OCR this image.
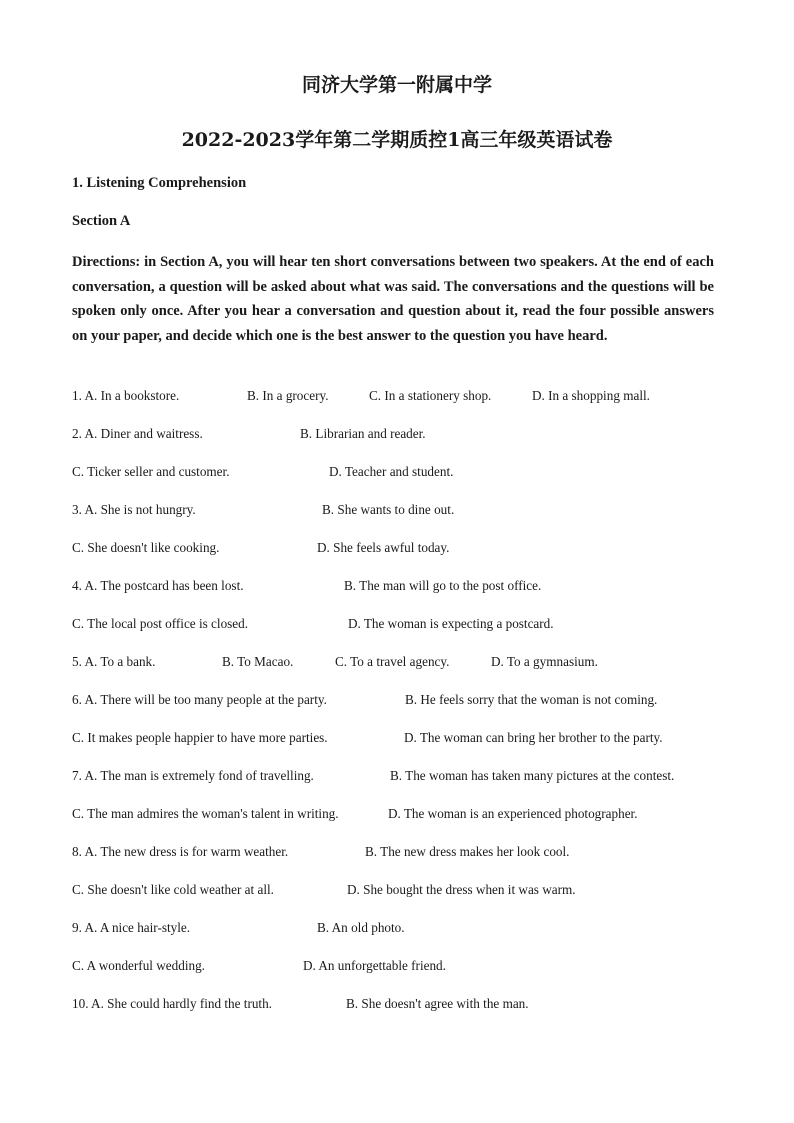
同济大学第一附属中学
2022-2023学年第二学期质控1高三年级英语试卷
1. Listening Comprehension
Section A
Directions: in Section A, you will hear ten short conversations between two speakers. At the end of each conversation, a question will be asked about what was said. The conversations and the questions will be spoken only once. After you hear a conversation and question about it, read the four possible answers on your paper, and decide which one is the best answer to the question you have heard.
1. A. In a bookstore.	B. In a grocery.	C. In a stationery shop.	D. In a shopping mall.
2. A. Diner and waitress.	B. Librarian and reader.
C. Ticker seller and customer.	D. Teacher and student.
3. A. She is not hungry.	B. She wants to dine out.
C. She doesn't like cooking.	D. She feels awful today.
4. A. The postcard has been lost.	B. The man will go to the post office.
C. The local post office is closed.	D. The woman is expecting a postcard.
5. A. To a bank.	B. To Macao.	C. To a travel agency.	D. To a gymnasium.
6. A. There will be too many people at the party.	B. He feels sorry that the woman is not coming.
C. It makes people happier to have more parties.	D. The woman can bring her brother to the party.
7. A. The man is extremely fond of travelling.	B. The woman has taken many pictures at the contest.
C. The man admires the woman's talent in writing.	D. The woman is an experienced photographer.
8. A. The new dress is for warm weather.	B. The new dress makes her look cool.
C. She doesn't like cold weather at all.	D. She bought the dress when it was warm.
9. A. A nice hair-style.	B. An old photo.
C. A wonderful wedding.	D. An unforgettable friend.
10. A. She could hardly find the truth.	B. She doesn't agree with the man.
